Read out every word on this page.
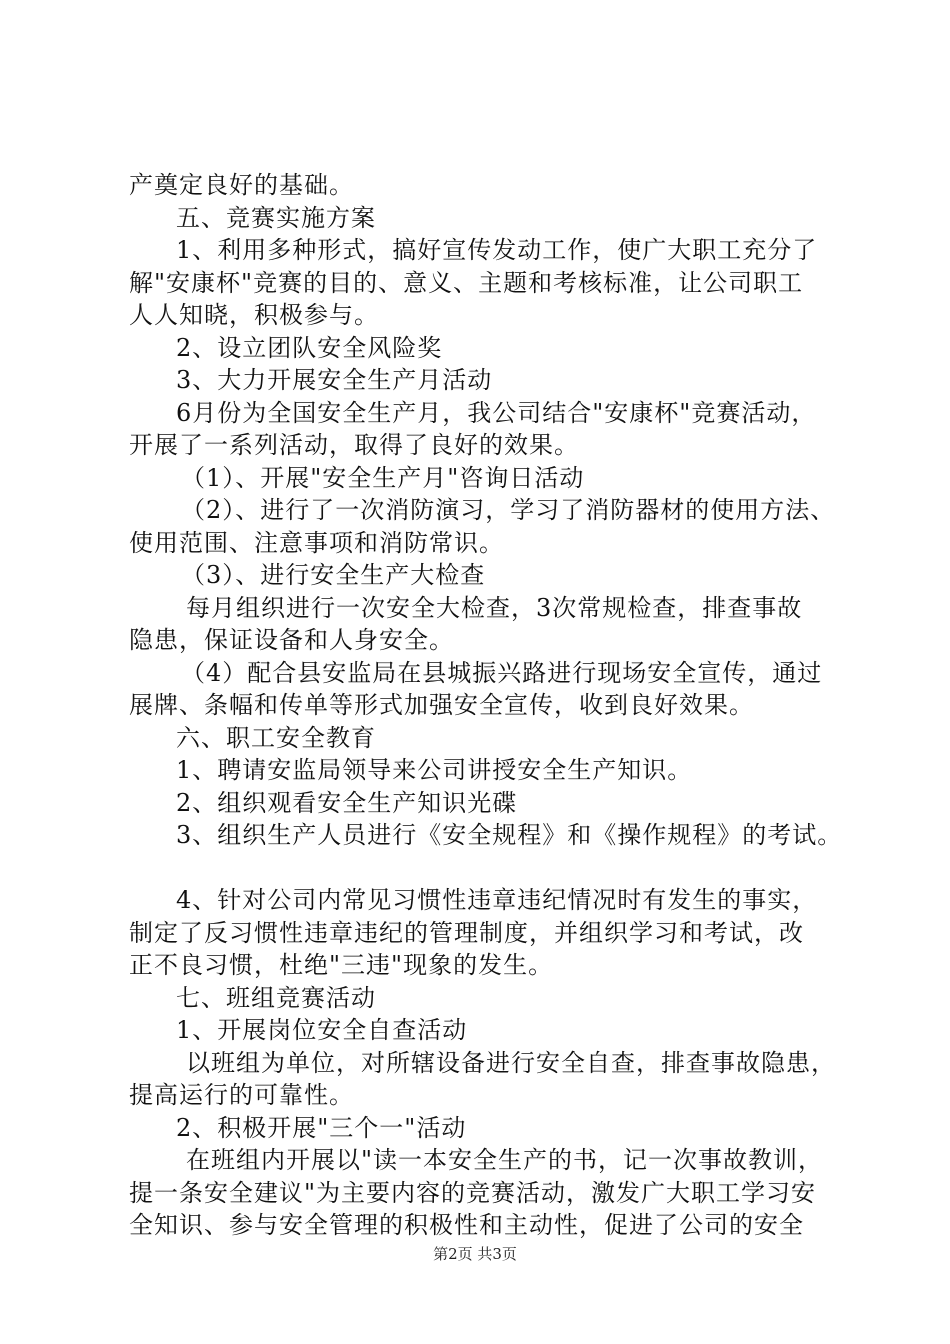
产奠定良好的基础。
五、竞赛实施方案
1、利用多种形式，搞好宣传发动工作，使广大职工充分了
解"安康杯"竞赛的目的、意义、主题和考核标准，让公司职工
人人知晓，积极参与。
2、设立团队安全风险奖
3、大力开展安全生产月活动
6月份为全国安全生产月，我公司结合"安康杯"竞赛活动，
开展了一系列活动，取得了良好的效果。
（1）、开展"安全生产月"咨询日活动
（2）、进行了一次消防演习，学习了消防器材的使用方法、
使用范围、注意事项和消防常识。
（3）、进行安全生产大检查
每月组织进行一次安全大检查，3次常规检查，排查事故
隐患，保证设备和人身安全。
（4）配合县安监局在县城振兴路进行现场安全宣传，通过
展牌、条幅和传单等形式加强安全宣传，收到良好效果。
六、职工安全教育
1、聘请安监局领导来公司讲授安全生产知识。
2、组织观看安全生产知识光碟
3、组织生产人员进行《安全规程》和《操作规程》的考试。
4、针对公司内常见习惯性违章违纪情况时有发生的事实，
制定了反习惯性违章违纪的管理制度，并组织学习和考试，改
正不良习惯，杜绝"三违"现象的发生。
七、班组竞赛活动
1、开展岗位安全自查活动
以班组为单位，对所辖设备进行安全自查，排查事故隐患，
提高运行的可靠性。
2、积极开展"三个一"活动
在班组内开展以"读一本安全生产的书，记一次事故教训，
提一条安全建议"为主要内容的竞赛活动，激发广大职工学习安
全知识、参与安全管理的积极性和主动性，促进了公司的安全
第2页 共3页
